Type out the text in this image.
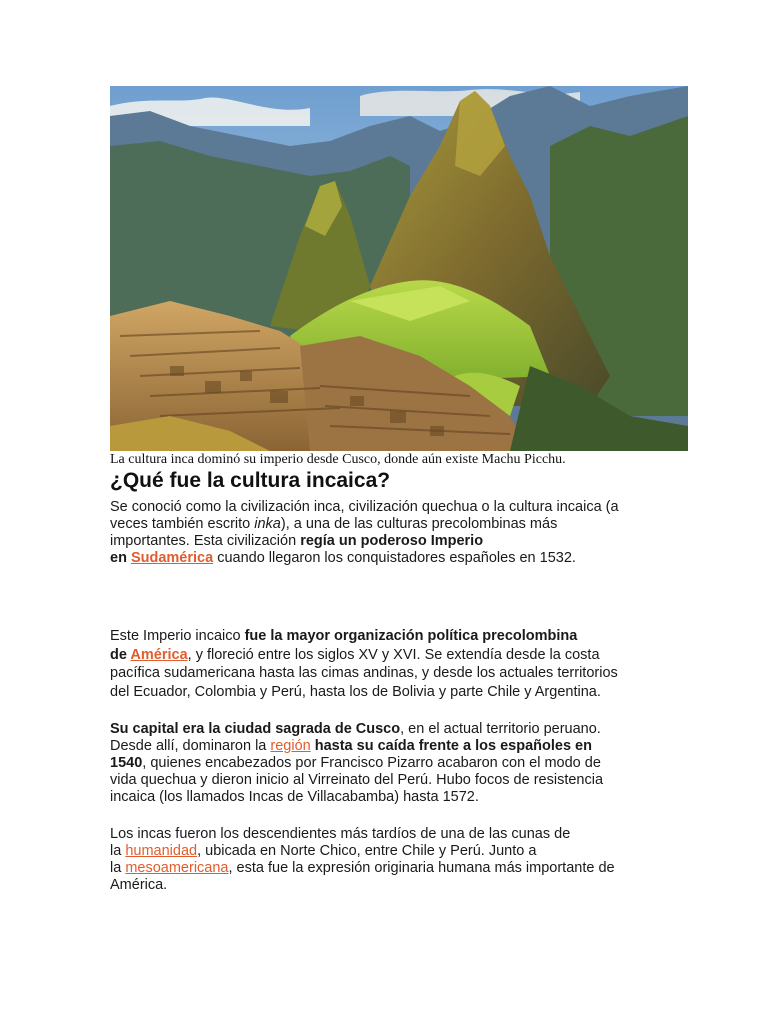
La cultura inca dominó su imperio desde Cusco, donde aún existe Machu Picchu.
¿Qué fue la cultura incaica?

Se conoció como la civilización inca, civilización quechua o la cultura incaica (a
veces también escrito inka), a una de las culturas precolombinas más
importantes. Esta civilización regía un poderoso Imperio
en Sudamérica cuando llegaron los conquistadores españoles en 1532.

Este Imperio incaico fue la mayor organización política precolombina
de América, y floreció entre los siglos XV y XVI. Se extendía desde la costa
pacífica sudamericana hasta las cimas andinas, y desde los actuales territorios
del Ecuador, Colombia y Perú, hasta los de Bolivia y parte Chile y Argentina.

Su capital era la ciudad sagrada de Cusco, en el actual territorio peruano.
Desde allí, dominaron la región hasta su caída frente a los españoles en
1540, quienes encabezados por Francisco Pizarro acabaron con el modo de
vida quechua y dieron inicio al Virreinato del Perú. Hubo focos de resistencia
incaica (los llamados Incas de Villacabamba) hasta 1572.

Los incas fueron los descendientes más tardíos de una de las cunas de
la humanidad, ubicada en Norte Chico, entre Chile y Perú. Junto a
la mesoamericana, esta fue la expresión originaria humana más importante de
América.
